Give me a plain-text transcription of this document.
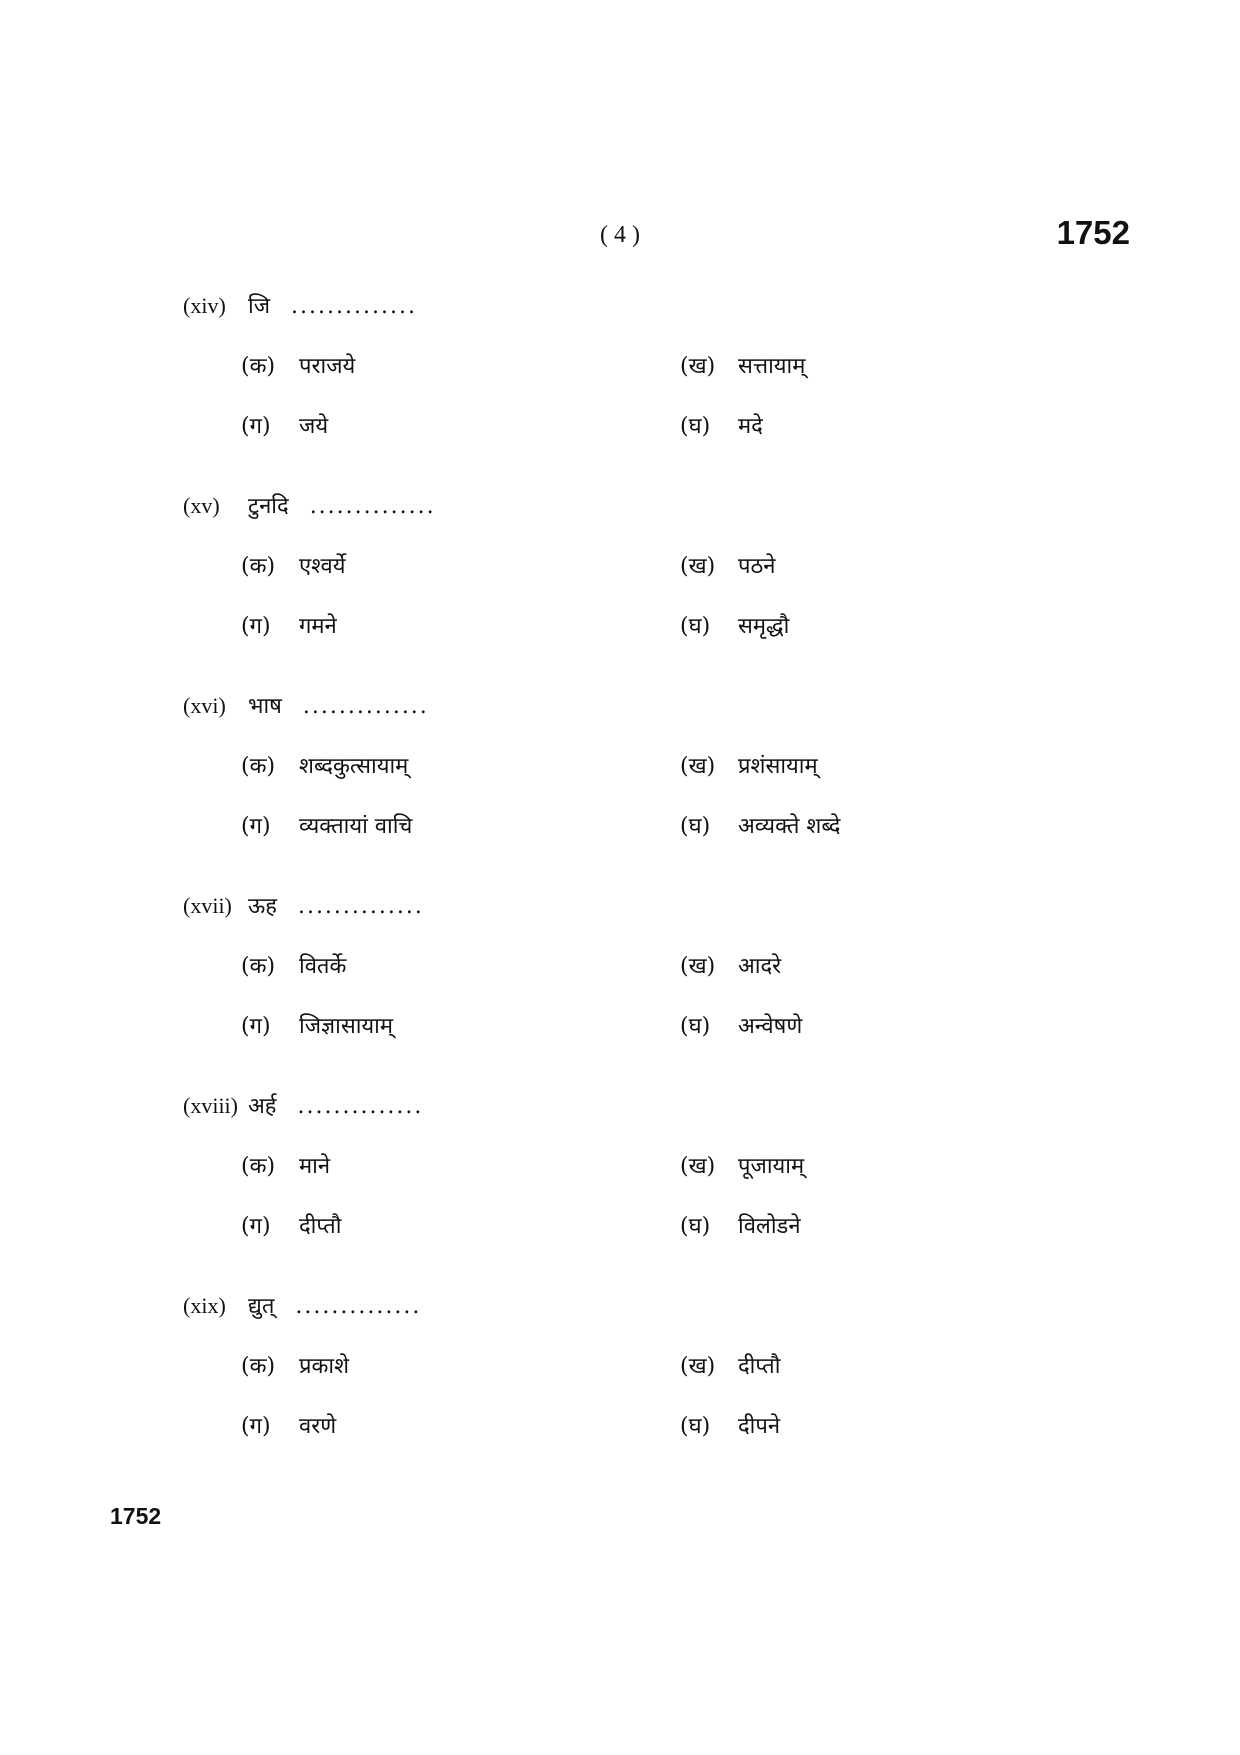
( 4 )	1752
(xiv) जि ..............
(क) पराजये	(ख) सत्तायाम्
(ग) जये	(घ) मदे
(xv) टुनदि ..............
(क) एश्वर्ये	(ख) पठने
(ग) गमने	(घ) समृद्धौ
(xvi) भाष ..............
(क) शब्दकुत्सायाम्	(ख) प्रशंसायाम्
(ग) व्यक्तायां वाचि	(घ) अव्यक्ते शब्दे
(xvii) ऊह ..............
(क) वितर्के	(ख) आदरे
(ग) जिज्ञासायाम्	(घ) अन्वेषणे
(xviii) अर्ह ..............
(क) माने	(ख) पूजायाम्
(ग) दीप्तौ	(घ) विलोडने
(xix) द्युत् ..............
(क) प्रकाशे	(ख) दीप्तौ
(ग) वरणे	(घ) दीपने
1752
